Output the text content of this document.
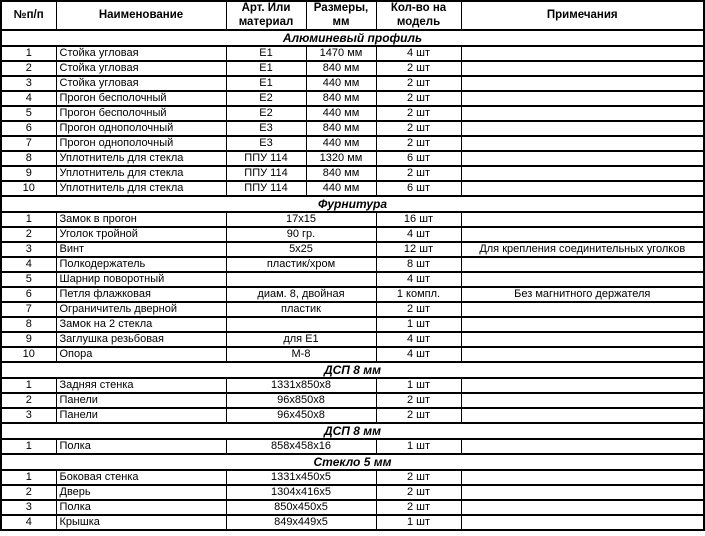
№п/п	Наименование	Арт. Или материал	Размеры, мм	Кол-во на модель	Примечания
Алюминевый профиль					
1	Стойка угловая	Е1	1470 мм	4 шт	
2	Стойка угловая	Е1	840 мм	2 шт	
3	Стойка угловая	Е1	440 мм	2 шт	
4	Прогон бесполочный	Е2	840 мм	2 шт	
5	Прогон бесполочный	Е2	440 мм	2 шт	
6	Прогон однополочный	Е3	840 мм	2 шт	
7	Прогон однополочный	Е3	440 мм	2 шт	
8	Уплотнитель для стекла	ППУ 114	1320 мм	6 шт	
9	Уплотнитель для стекла	ППУ 114	840 мм	2 шт	
10	Уплотнитель для стекла	ППУ 114	440 мм	6 шт	
Фурнитура					
1	Замок в прогон	17х15		16 шт	
2	Уголок тройной	90 гр.		4 шт	
3	Винт	5х25		12 шт	Для крепления соединительных уголков
4	Полкодержатель	пластик/хром		8 шт	
5	Шарнир поворотный			4 шт	
6	Петля флажковая	диам. 8, двойная		1 компл.	Без магнитного держателя
7	Ограничитель дверной	пластик		2 шт	
8	Замок на 2 стекла			1 шт	
9	Заглушка резьбовая	для Е1		4 шт	
10	Опора	М-8		4 шт	
ДСП 8 мм					
1	Задняя стенка	1331х850х8		1 шт	
2	Панели	96х850х8		2 шт	
3	Панели	96х450х8		2 шт	
ДСП 8 мм					
1	Полка	858х458х16		1 шт	
Стекло 5 мм					
1	Боковая стенка	1331х450х5		2 шт	
2	Дверь	1304х416х5		2 шт	
3	Полка	850х450х5		2 шт	
4	Крышка	849х449х5		1 шт	
